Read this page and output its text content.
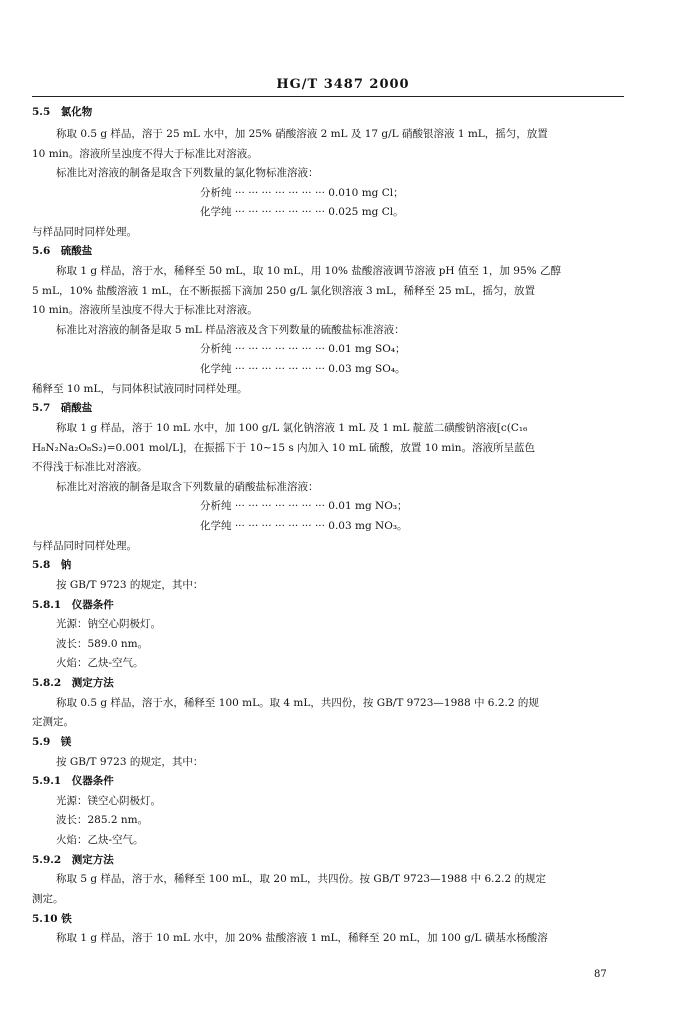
HG/T 3487 2000
5.5　氯化物
称取 0.5 g 样品，溶于 25 mL 水中，加 25% 硝酸溶液 2 mL 及 17 g/L 硝酸银溶液 1 mL，摇匀，放置
10 min。溶液所呈浊度不得大于标准比对溶液。
标准比对溶液的制备是取含下列数量的氯化物标准溶液：
分析纯 ··· ··· ··· ··· ··· ··· ··· 0.010 mg Cl；
化学纯 ··· ··· ··· ··· ··· ··· ··· 0.025 mg Cl。
与样品同时同样处理。
5.6　硫酸盐
称取 1 g 样品，溶于水，稀释至 50 mL，取 10 mL，用 10% 盐酸溶液调节溶液 pH 值至 1，加 95% 乙醇
5 mL，10% 盐酸溶液 1 mL，在不断振摇下滴加 250 g/L 氯化钡溶液 3 mL，稀释至 25 mL，摇匀，放置
10 min。溶液所呈浊度不得大于标准比对溶液。
标准比对溶液的制备是取 5 mL 样品溶液及含下列数量的硫酸盐标准溶液：
分析纯 ··· ··· ··· ··· ··· ··· ··· 0.01 mg SO₄；
化学纯 ··· ··· ··· ··· ··· ··· ··· 0.03 mg SO₄。
稀释至 10 mL，与同体积试液同时同样处理。
5.7　硝酸盐
称取 1 g 样品，溶于 10 mL 水中，加 100 g/L 氯化钠溶液 1 mL 及 1 mL 靛蓝二磺酸钠溶液[c(C₁₆
H₈N₂Na₂O₈S₂)=0.001 mol/L]，在振摇下于 10~15 s 内加入 10 mL 硫酸，放置 10 min。溶液所呈蓝色
不得浅于标准比对溶液。
标准比对溶液的制备是取含下列数量的硝酸盐标准溶液：
分析纯 ··· ··· ··· ··· ··· ··· ··· 0.01 mg NO₃；
化学纯 ··· ··· ··· ··· ··· ··· ··· 0.03 mg NO₃。
与样品同时同样处理。
5.8　钠
按 GB/T 9723 的规定，其中：
5.8.1　仪器条件
光源：钠空心阴极灯。
波长：589.0 nm。
火焰：乙炔-空气。
5.8.2　测定方法
称取 0.5 g 样品，溶于水，稀释至 100 mL。取 4 mL，共四份，按 GB/T 9723—1988 中 6.2.2 的规
定测定。
5.9　镁
按 GB/T 9723 的规定，其中：
5.9.1　仪器条件
光源：镁空心阴极灯。
波长：285.2 nm。
火焰：乙炔-空气。
5.9.2　测定方法
称取 5 g 样品，溶于水，稀释至 100 mL，取 20 mL，共四份。按 GB/T 9723—1988 中 6.2.2 的规定
测定。
5.10 铁
称取 1 g 样品，溶于 10 mL 水中，加 20% 盐酸溶液 1 mL，稀释至 20 mL，加 100 g/L 磺基水杨酸溶
87
